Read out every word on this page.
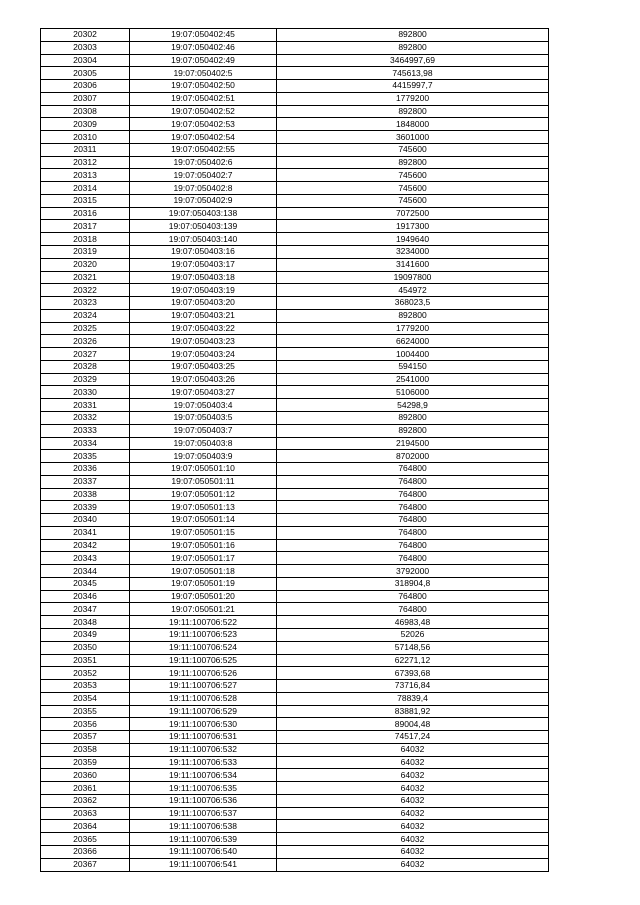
20302	19:07:050402:45	892800
20303	19:07:050402:46	892800
20304	19:07:050402:49	3464997,69
20305	19:07:050402:5	745613,98
20306	19:07:050402:50	4415997,7
20307	19:07:050402:51	1779200
20308	19:07:050402:52	892800
20309	19:07:050402:53	1848000
20310	19:07:050402:54	3601000
20311	19:07:050402:55	745600
20312	19:07:050402:6	892800
20313	19:07:050402:7	745600
20314	19:07:050402:8	745600
20315	19:07:050402:9	745600
20316	19:07:050403:138	7072500
20317	19:07:050403:139	1917300
20318	19:07:050403:140	1949640
20319	19:07:050403:16	3234000
20320	19:07:050403:17	3141600
20321	19:07:050403:18	19097800
20322	19:07:050403:19	454972
20323	19:07:050403:20	368023,5
20324	19:07:050403:21	892800
20325	19:07:050403:22	1779200
20326	19:07:050403:23	6624000
20327	19:07:050403:24	1004400
20328	19:07:050403:25	594150
20329	19:07:050403:26	2541000
20330	19:07:050403:27	5106000
20331	19:07:050403:4	54298,9
20332	19:07:050403:5	892800
20333	19:07:050403:7	892800
20334	19:07:050403:8	2194500
20335	19:07:050403:9	8702000
20336	19:07:050501:10	764800
20337	19:07:050501:11	764800
20338	19:07:050501:12	764800
20339	19:07:050501:13	764800
20340	19:07:050501:14	764800
20341	19:07:050501:15	764800
20342	19:07:050501:16	764800
20343	19:07:050501:17	764800
20344	19:07:050501:18	3792000
20345	19:07:050501:19	318904,8
20346	19:07:050501:20	764800
20347	19:07:050501:21	764800
20348	19:11:100706:522	46983,48
20349	19:11:100706:523	52026
20350	19:11:100706:524	57148,56
20351	19:11:100706:525	62271,12
20352	19:11:100706:526	67393,68
20353	19:11:100706:527	73716,84
20354	19:11:100706:528	78839,4
20355	19:11:100706:529	83881,92
20356	19:11:100706:530	89004,48
20357	19:11:100706:531	74517,24
20358	19:11:100706:532	64032
20359	19:11:100706:533	64032
20360	19:11:100706:534	64032
20361	19:11:100706:535	64032
20362	19:11:100706:536	64032
20363	19:11:100706:537	64032
20364	19:11:100706:538	64032
20365	19:11:100706:539	64032
20366	19:11:100706:540	64032
20367	19:11:100706:541	64032
